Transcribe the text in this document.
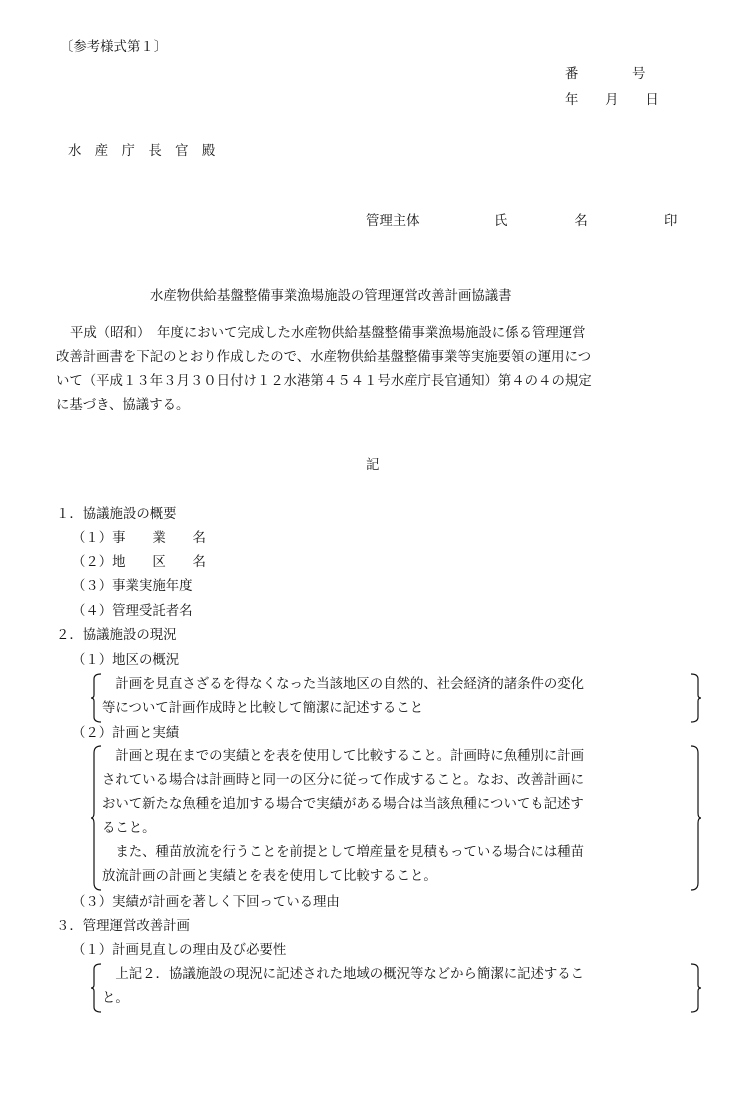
〔参考様式第１〕
番　　　　号
年　　月　　日
水　産　庁　長　官　殿
管理主体	氏　　　　　名	印
水産物供給基盤整備事業漁場施設の管理運営改善計画協議書
平成（昭和）　年度において完成した水産物供給基盤整備事業漁場施設に係る管理運営
改善計画書を下記のとおり作成したので、水産物供給基盤整備事業等実施要領の運用につ
いて（平成１３年３月３０日付け１２水港第４５４１号水産庁長官通知）第４の４の規定
に基づき、協議する。
記
１．協議施設の概要
（１）事　　業　　名
（２）地　　区　　名
（３）事業実施年度
（４）管理受託者名
２．協議施設の現況
（１）地区の概況
　計画を見直さざるを得なくなった当該地区の自然的、社会経済的諸条件の変化
等について計画作成時と比較して簡潔に記述すること
（２）計画と実績
　計画と現在までの実績とを表を使用して比較すること。計画時に魚種別に計画
されている場合は計画時と同一の区分に従って作成すること。なお、改善計画に
おいて新たな魚種を追加する場合で実績がある場合は当該魚種についても記述す
ること。
　また、種苗放流を行うことを前提として増産量を見積もっている場合には種苗
放流計画の計画と実績とを表を使用して比較すること。
（３）実績が計画を著しく下回っている理由
３．管理運営改善計画
（１）計画見直しの理由及び必要性
　上記２．協議施設の現況に記述された地域の概況等などから簡潔に記述するこ
と。
